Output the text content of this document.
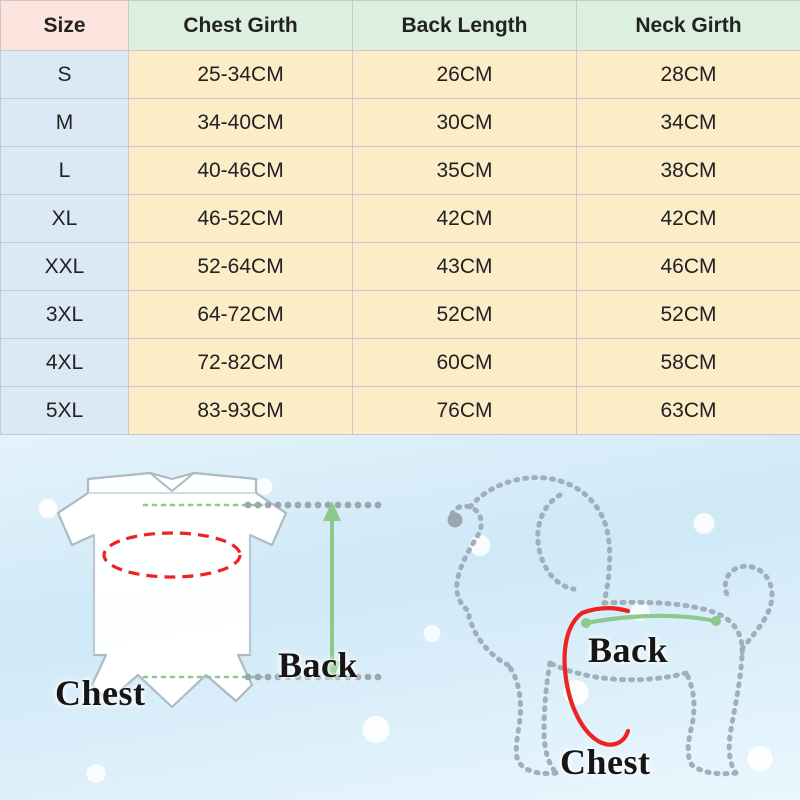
Size	Chest Girth	Back Length	Neck Girth
S	25-34CM	26CM	28CM
M	34-40CM	30CM	34CM
L	40-46CM	35CM	38CM
XL	46-52CM	42CM	42CM
XXL	52-64CM	43CM	46CM
3XL	64-72CM	52CM	52CM
4XL	72-82CM	60CM	58CM
5XL	83-93CM	76CM	63CM
Chest
Back	Back
Chest
